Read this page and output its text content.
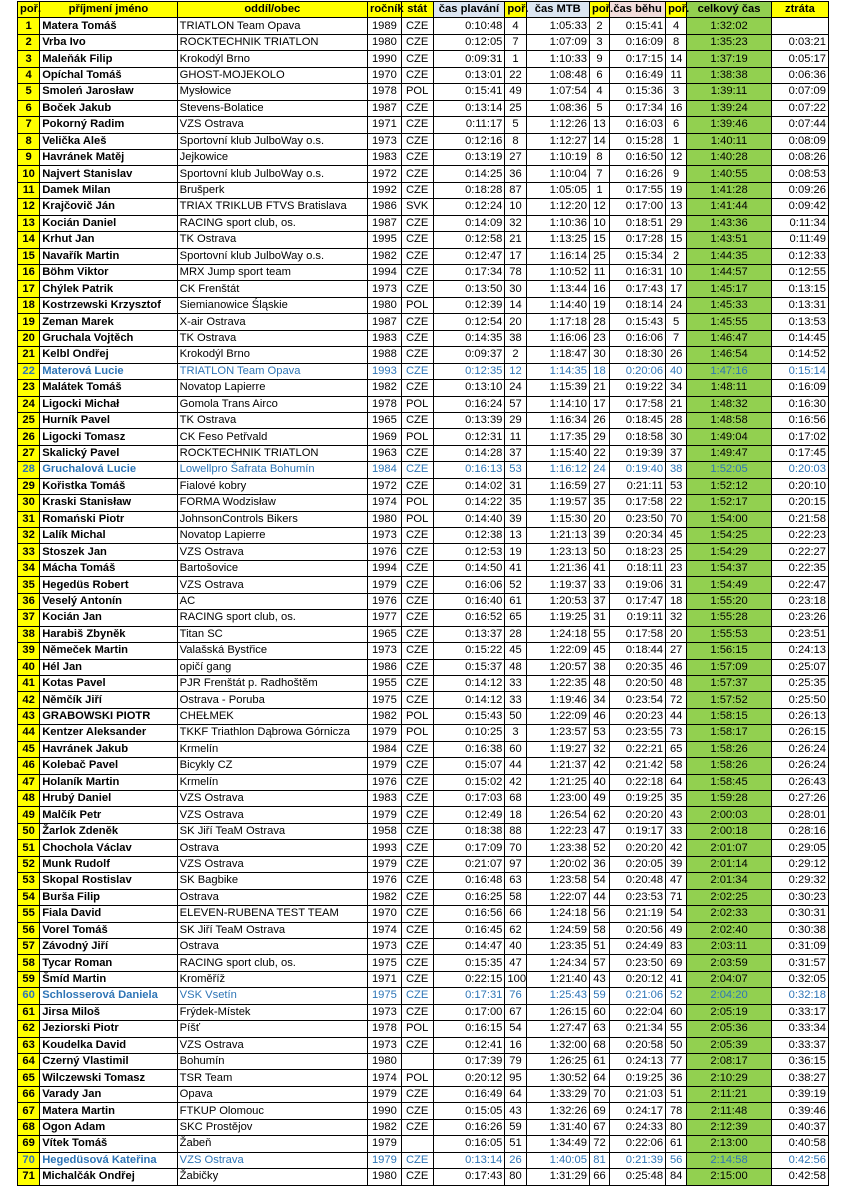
poř.	příjmení jméno	oddíl/obec	ročník	stát	čas plavání	poř.	čas MTB	poř.	čas běhu	poř.	celkový čas	ztráta
1	Matera Tomáš	TRIATLON Team Opava	1989	CZE	0:10:48	4	1:05:33	2	0:15:41	4	1:32:02	
2	Vrba Ivo	ROCKTECHNIK TRIATLON	1980	CZE	0:12:05	7	1:07:09	3	0:16:09	8	1:35:23	0:03:21
3	Maleňák Filip	Krokodýl Brno	1990	CZE	0:09:31	1	1:10:33	9	0:17:15	14	1:37:19	0:05:17
4	Opíchal Tomáš	GHOST-MOJEKOLO	1970	CZE	0:13:01	22	1:08:48	6	0:16:49	11	1:38:38	0:06:36
5	Smoleń Jarosław	Mysłowice	1978	POL	0:15:41	49	1:07:54	4	0:15:36	3	1:39:11	0:07:09
6	Boček Jakub	Stevens-Bolatice	1987	CZE	0:13:14	25	1:08:36	5	0:17:34	16	1:39:24	0:07:22
7	Pokorný Radim	VZS Ostrava	1971	CZE	0:11:17	5	1:12:26	13	0:16:03	6	1:39:46	0:07:44
8	Velička Aleš	Sportovní klub JulboWay o.s.	1973	CZE	0:12:16	8	1:12:27	14	0:15:28	1	1:40:11	0:08:09
9	Havránek Matěj	Jejkowice	1983	CZE	0:13:19	27	1:10:19	8	0:16:50	12	1:40:28	0:08:26
10	Najvert Stanislav	Sportovní klub JulboWay o.s.	1972	CZE	0:14:25	36	1:10:04	7	0:16:26	9	1:40:55	0:08:53
11	Damek Milan	Brušperk	1992	CZE	0:18:28	87	1:05:05	1	0:17:55	19	1:41:28	0:09:26
12	Krajčovič Ján	TRIAX TRIKLUB FTVS Bratislava	1986	SVK	0:12:24	10	1:12:20	12	0:17:00	13	1:41:44	0:09:42
13	Kocián Daniel	RACING sport club, os.	1987	CZE	0:14:09	32	1:10:36	10	0:18:51	29	1:43:36	0:11:34
14	Krhut Jan	TK Ostrava	1995	CZE	0:12:58	21	1:13:25	15	0:17:28	15	1:43:51	0:11:49
15	Navařík Martin	Sportovní klub JulboWay o.s.	1982	CZE	0:12:47	17	1:16:14	25	0:15:34	2	1:44:35	0:12:33
16	Böhm Viktor	MRX Jump sport team	1994	CZE	0:17:34	78	1:10:52	11	0:16:31	10	1:44:57	0:12:55
17	Chýlek Patrik	CK Frenštát	1973	CZE	0:13:50	30	1:13:44	16	0:17:43	17	1:45:17	0:13:15
18	Kostrzewski Krzysztof	Siemianowice Śląskie	1980	POL	0:12:39	14	1:14:40	19	0:18:14	24	1:45:33	0:13:31
19	Zeman Marek	X-air Ostrava	1987	CZE	0:12:54	20	1:17:18	28	0:15:43	5	1:45:55	0:13:53
20	Gruchala Vojtěch	TK Ostrava	1983	CZE	0:14:35	38	1:16:06	23	0:16:06	7	1:46:47	0:14:45
21	Kelbl Ondřej	Krokodýl Brno	1988	CZE	0:09:37	2	1:18:47	30	0:18:30	26	1:46:54	0:14:52
22	Materová Lucie	TRIATLON Team Opava	1993	CZE	0:12:35	12	1:14:35	18	0:20:06	40	1:47:16	0:15:14
23	Malátek Tomáš	Novatop Lapierre	1982	CZE	0:13:10	24	1:15:39	21	0:19:22	34	1:48:11	0:16:09
24	Ligocki Michał	Gomola Trans Airco	1978	POL	0:16:24	57	1:14:10	17	0:17:58	21	1:48:32	0:16:30
25	Hurník Pavel	TK Ostrava	1965	CZE	0:13:39	29	1:16:34	26	0:18:45	28	1:48:58	0:16:56
26	Ligocki Tomasz	CK Feso Petřvald	1969	POL	0:12:31	11	1:17:35	29	0:18:58	30	1:49:04	0:17:02
27	Skalický Pavel	ROCKTECHNIK TRIATLON	1963	CZE	0:14:28	37	1:15:40	22	0:19:39	37	1:49:47	0:17:45
28	Gruchalová Lucie	Lowellpro Šafrata Bohumín	1984	CZE	0:16:13	53	1:16:12	24	0:19:40	38	1:52:05	0:20:03
29	Kořistka Tomáš	Fialové kobry	1972	CZE	0:14:02	31	1:16:59	27	0:21:11	53	1:52:12	0:20:10
30	Kraski Stanisław	FORMA Wodzisław	1974	POL	0:14:22	35	1:19:57	35	0:17:58	22	1:52:17	0:20:15
31	Romański Piotr	JohnsonControls Bikers	1980	POL	0:14:40	39	1:15:30	20	0:23:50	70	1:54:00	0:21:58
32	Lalík Michal	Novatop Lapierre	1973	CZE	0:12:38	13	1:21:13	39	0:20:34	45	1:54:25	0:22:23
33	Stoszek Jan	VZS Ostrava	1976	CZE	0:12:53	19	1:23:13	50	0:18:23	25	1:54:29	0:22:27
34	Mácha Tomáš	Bartošovice	1994	CZE	0:14:50	41	1:21:36	41	0:18:11	23	1:54:37	0:22:35
35	Hegedüs Robert	VZS Ostrava	1979	CZE	0:16:06	52	1:19:37	33	0:19:06	31	1:54:49	0:22:47
36	Veselý Antonín	AC	1976	CZE	0:16:40	61	1:20:53	37	0:17:47	18	1:55:20	0:23:18
37	Kocián Jan	RACING sport club, os.	1977	CZE	0:16:52	65	1:19:25	31	0:19:11	32	1:55:28	0:23:26
38	Harabiš Zbyněk	Titan SC	1965	CZE	0:13:37	28	1:24:18	55	0:17:58	20	1:55:53	0:23:51
39	Němeček Martin	Valašská Bystřice	1973	CZE	0:15:22	45	1:22:09	45	0:18:44	27	1:56:15	0:24:13
40	Hél Jan	opičí gang	1986	CZE	0:15:37	48	1:20:57	38	0:20:35	46	1:57:09	0:25:07
41	Kotas Pavel	PJR Frenštát p. Radhoštěm	1955	CZE	0:14:12	33	1:22:35	48	0:20:50	48	1:57:37	0:25:35
42	Němčík Jiří	Ostrava - Poruba	1975	CZE	0:14:12	33	1:19:46	34	0:23:54	72	1:57:52	0:25:50
43	GRABOWSKI PIOTR	CHEŁMEK	1982	POL	0:15:43	50	1:22:09	46	0:20:23	44	1:58:15	0:26:13
44	Kentzer Aleksander	TKKF Triathlon Dąbrowa Górnicza	1979	POL	0:10:25	3	1:23:57	53	0:23:55	73	1:58:17	0:26:15
45	Havránek Jakub	Krmelín	1984	CZE	0:16:38	60	1:19:27	32	0:22:21	65	1:58:26	0:26:24
46	Kolebač Pavel	Bicykly CZ	1979	CZE	0:15:07	44	1:21:37	42	0:21:42	58	1:58:26	0:26:24
47	Holaník Martin	Krmelín	1976	CZE	0:15:02	42	1:21:25	40	0:22:18	64	1:58:45	0:26:43
48	Hrubý Daniel	VZS Ostrava	1983	CZE	0:17:03	68	1:23:00	49	0:19:25	35	1:59:28	0:27:26
49	Malčík Petr	VZS Ostrava	1979	CZE	0:12:49	18	1:26:54	62	0:20:20	43	2:00:03	0:28:01
50	Žarlok Zdeněk	SK Jiří TeaM Ostrava	1958	CZE	0:18:38	88	1:22:23	47	0:19:17	33	2:00:18	0:28:16
51	Chochola Václav	Ostrava	1993	CZE	0:17:09	70	1:23:38	52	0:20:20	42	2:01:07	0:29:05
52	Munk Rudolf	VZS Ostrava	1979	CZE	0:21:07	97	1:20:02	36	0:20:05	39	2:01:14	0:29:12
53	Skopal Rostislav	SK Bagbike	1976	CZE	0:16:48	63	1:23:58	54	0:20:48	47	2:01:34	0:29:32
54	Burša Filip	Ostrava	1982	CZE	0:16:25	58	1:22:07	44	0:23:53	71	2:02:25	0:30:23
55	Fiala David	ELEVEN-RUBENA TEST TEAM	1970	CZE	0:16:56	66	1:24:18	56	0:21:19	54	2:02:33	0:30:31
56	Vorel Tomáš	SK Jiří TeaM Ostrava	1974	CZE	0:16:45	62	1:24:59	58	0:20:56	49	2:02:40	0:30:38
57	Závodný Jiří	Ostrava	1973	CZE	0:14:47	40	1:23:35	51	0:24:49	83	2:03:11	0:31:09
58	Tycar Roman	RACING sport club, os.	1975	CZE	0:15:35	47	1:24:34	57	0:23:50	69	2:03:59	0:31:57
59	Šmíd Martin	Kroměříž	1971	CZE	0:22:15	100	1:21:40	43	0:20:12	41	2:04:07	0:32:05
60	Schlosserová Daniela	VSK Vsetín	1975	CZE	0:17:31	76	1:25:43	59	0:21:06	52	2:04:20	0:32:18
61	Jirsa Miloš	Frýdek-Místek	1973	CZE	0:17:00	67	1:26:15	60	0:22:04	60	2:05:19	0:33:17
62	Jeziorski Piotr	Píšť	1978	POL	0:16:15	54	1:27:47	63	0:21:34	55	2:05:36	0:33:34
63	Koudelka David	VZS Ostrava	1973	CZE	0:12:41	16	1:32:00	68	0:20:58	50	2:05:39	0:33:37
64	Czerný Vlastimil	Bohumín	1980		0:17:39	79	1:26:25	61	0:24:13	77	2:08:17	0:36:15
65	Wilczewski Tomasz	TSR Team	1974	POL	0:20:12	95	1:30:52	64	0:19:25	36	2:10:29	0:38:27
66	Varady Jan	Opava	1979	CZE	0:16:49	64	1:33:29	70	0:21:03	51	2:11:21	0:39:19
67	Matera Martin	FTKUP Olomouc	1990	CZE	0:15:05	43	1:32:26	69	0:24:17	78	2:11:48	0:39:46
68	Ogon Adam	SKC Prostějov	1982	CZE	0:16:26	59	1:31:40	67	0:24:33	80	2:12:39	0:40:37
69	Vítek Tomáš	Žabeň	1979		0:16:05	51	1:34:49	72	0:22:06	61	2:13:00	0:40:58
70	Hegedüsová Kateřina	VZS Ostrava	1979	CZE	0:13:14	26	1:40:05	81	0:21:39	56	2:14:58	0:42:56
71	Michalčák Ondřej	Žabičky	1980	CZE	0:17:43	80	1:31:29	66	0:25:48	84	2:15:00	0:42:58
